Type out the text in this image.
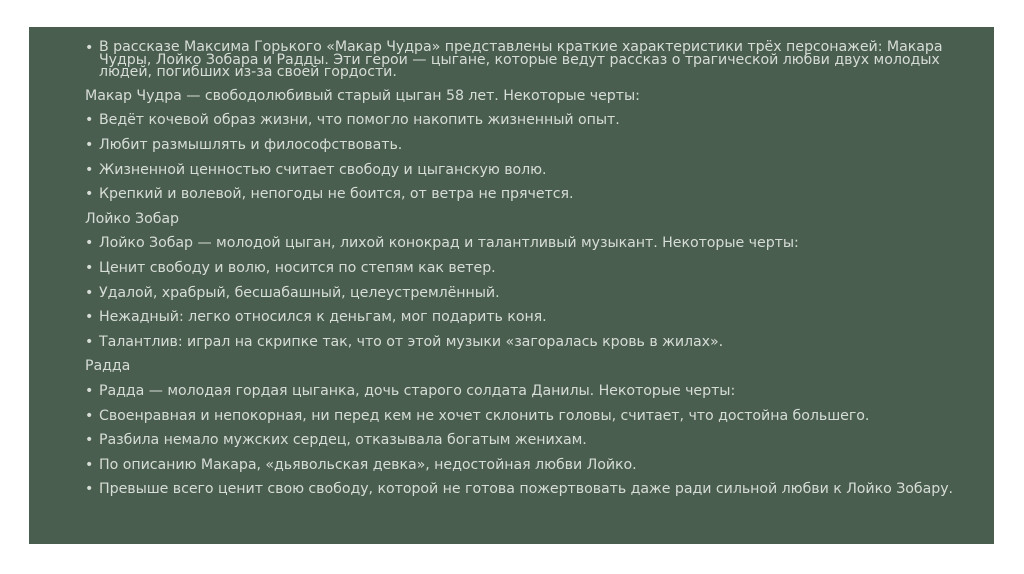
• В рассказе Максима Горького «Макар Чудра» представлены краткие характеристики трёх персонажей: Макара Чудры, Лойко Зобара и Радды. Эти герои — цыгане, которые ведут рассказ о трагической любви двух молодых людей, погибших из-за своей гордости.
Макар Чудра — свободолюбивый старый цыган 58 лет. Некоторые черты:
• Ведёт кочевой образ жизни, что помогло накопить жизненный опыт.
• Любит размышлять и философствовать.
• Жизненной ценностью считает свободу и цыганскую волю.
• Крепкий и волевой, непогоды не боится, от ветра не прячется.
Лойко Зобар
• Лойко Зобар — молодой цыган, лихой конокрад и талантливый музыкант. Некоторые черты:
• Ценит свободу и волю, носится по степям как ветер.
• Удалой, храбрый, бесшабашный, целеустремлённый.
• Нежадный: легко относился к деньгам, мог подарить коня.
• Талантлив: играл на скрипке так, что от этой музыки «загоралась кровь в жилах».
Радда
• Радда — молодая гордая цыганка, дочь старого солдата Данилы. Некоторые черты:
• Своенравная и непокорная, ни перед кем не хочет склонить головы, считает, что достойна большего.
• Разбила немало мужских сердец, отказывала богатым женихам.
• По описанию Макара, «дьявольская девка», недостойная любви Лойко.
• Превыше всего ценит свою свободу, которой не готова пожертвовать даже ради сильной любви к Лойко Зобару.
